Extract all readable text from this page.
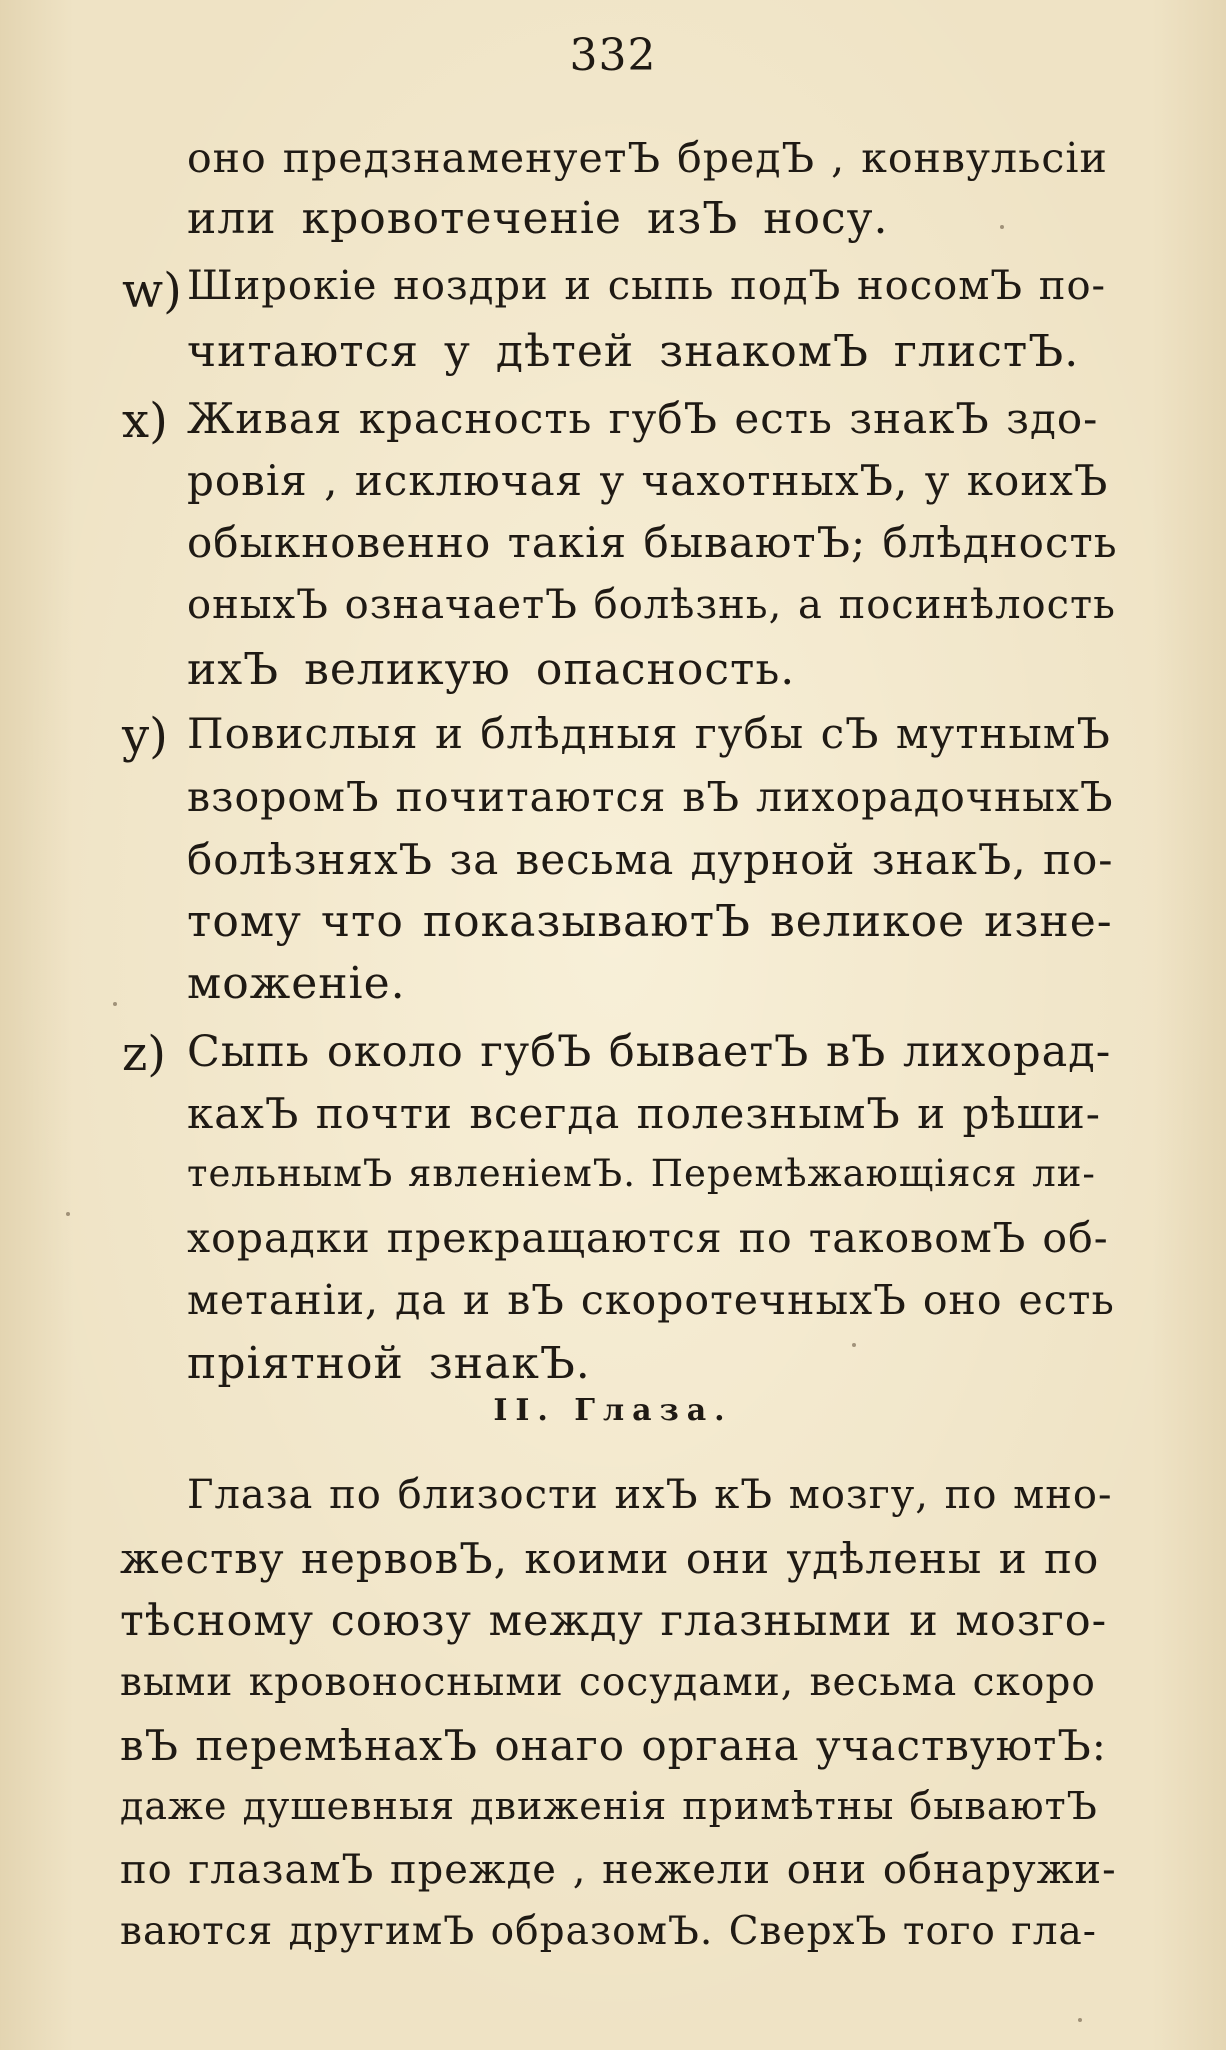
332
оно предзнаменуетЪ бредЪ , конвульсіи
или кровотеченіе изЪ носу.
w) Широкіе ноздри и сыпь подЪ носомЪ по-
читаются у дѣтей знакомЪ глистЪ.
x) Живая красность губЪ есть знакЪ здо-
ровія , исключая у чахотныхЪ, у коихЪ
обыкновенно такія бываютЪ; блѣдность
оныхЪ означаетЪ болѣзнь, а посинѣлость
ихЪ великую опасность.
y) Повислыя и блѣдныя губы сЪ мутнымЪ
взоромЪ почитаются вЪ лихорадочныхЪ
болѣзняхЪ за весьма дурной знакЪ, по-
тому что показываютЪ великое изне-
моженіе.
z) Сыпь около губЪ бываетЪ вЪ лихорад-
кахЪ почти всегда полезнымЪ и рѣши-
тельнымЪ явленіемЪ. Перемѣжающіяся ли-
хорадки прекращаются по таковомЪ об-
метаніи, да и вЪ скоротечныхЪ оно есть
пріятной знакЪ.
II. Глаза.
Глаза по близости ихЪ кЪ мозгу, по мно-
жеству нервовЪ, коими они удѣлены и по
тѣсному союзу между глазными и мозго-
выми кровоносными сосудами, весьма скоро
вЪ перемѣнахЪ онаго органа участвуютЪ:
даже душевныя движенія примѣтны бываютЪ
по глазамЪ прежде , нежели они обнаружи-
ваются другимЪ образомЪ. СверхЪ того гла-
